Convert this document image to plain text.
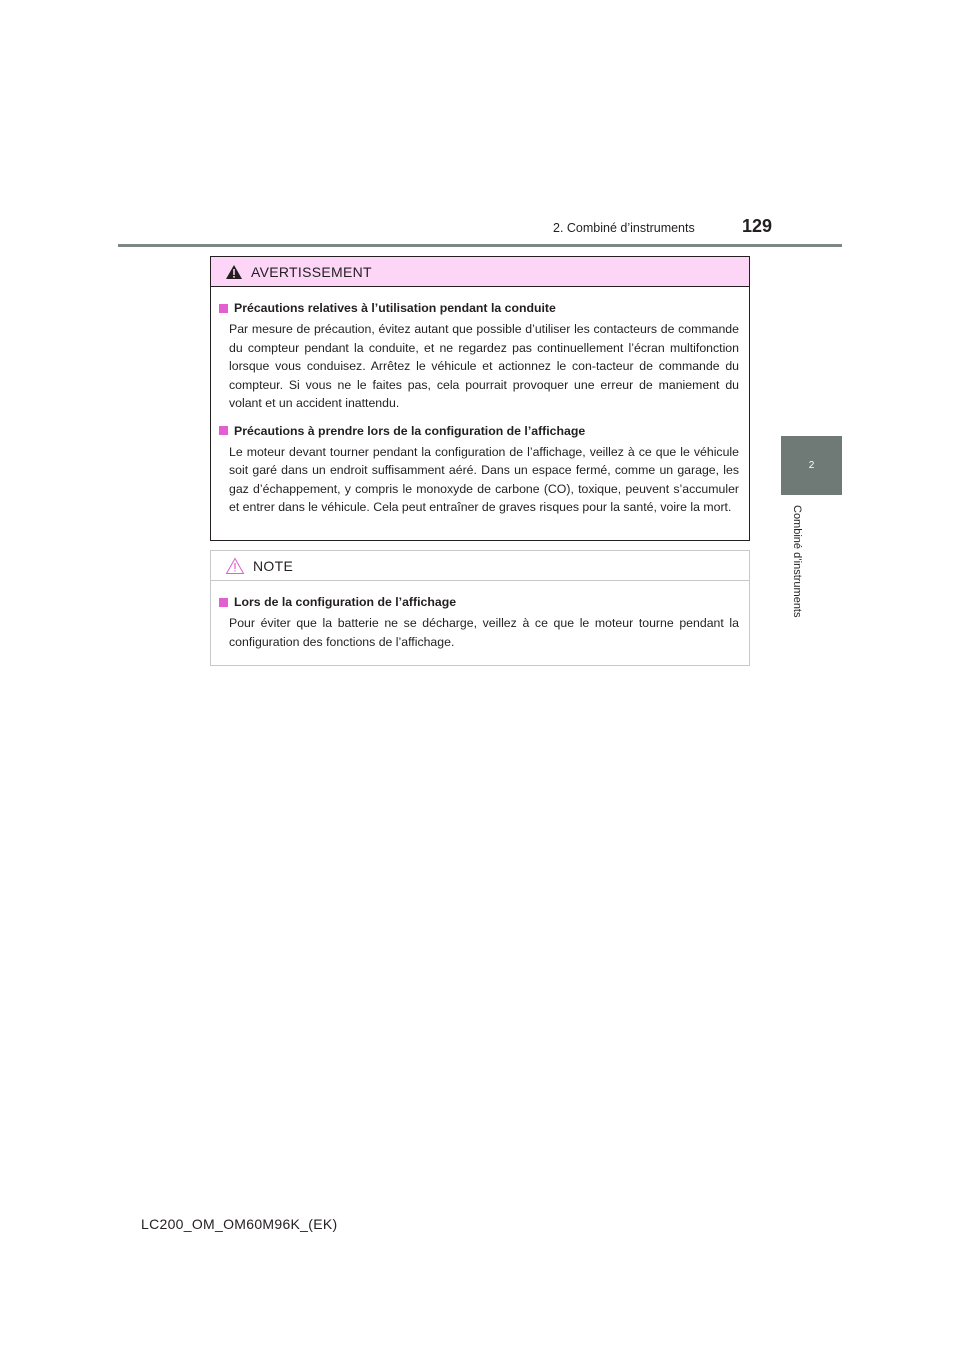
2. Combiné d’instruments	129
2
Combiné d’instruments
AVERTISSEMENT
Précautions relatives à l’utilisation pendant la conduite

Par mesure de précaution, évitez autant que possible d’utiliser les contacteurs de commande du compteur pendant la conduite, et ne regardez pas continuellement l’écran multifonction lorsque vous conduisez. Arrêtez le véhicule et actionnez le con-tacteur de commande du compteur. Si vous ne le faites pas, cela pourrait provoquer une erreur de maniement du volant et un accident inattendu.

Précautions à prendre lors de la configuration de l’affichage

Le moteur devant tourner pendant la configuration de l’affichage, veillez à ce que le véhicule soit garé dans un endroit suffisamment aéré. Dans un espace fermé, comme un garage, les gaz d’échappement, y compris le monoxyde de carbone (CO), toxique, peuvent s’accumuler et entrer dans le véhicule. Cela peut entraîner de graves risques pour la santé, voire la mort.

NOTE
Lors de la configuration de l’affichage

Pour éviter que la batterie ne se décharge, veillez à ce que le moteur tourne pendant la configuration des fonctions de l’affichage.

LC200_OM_OM60M96K_(EK)
